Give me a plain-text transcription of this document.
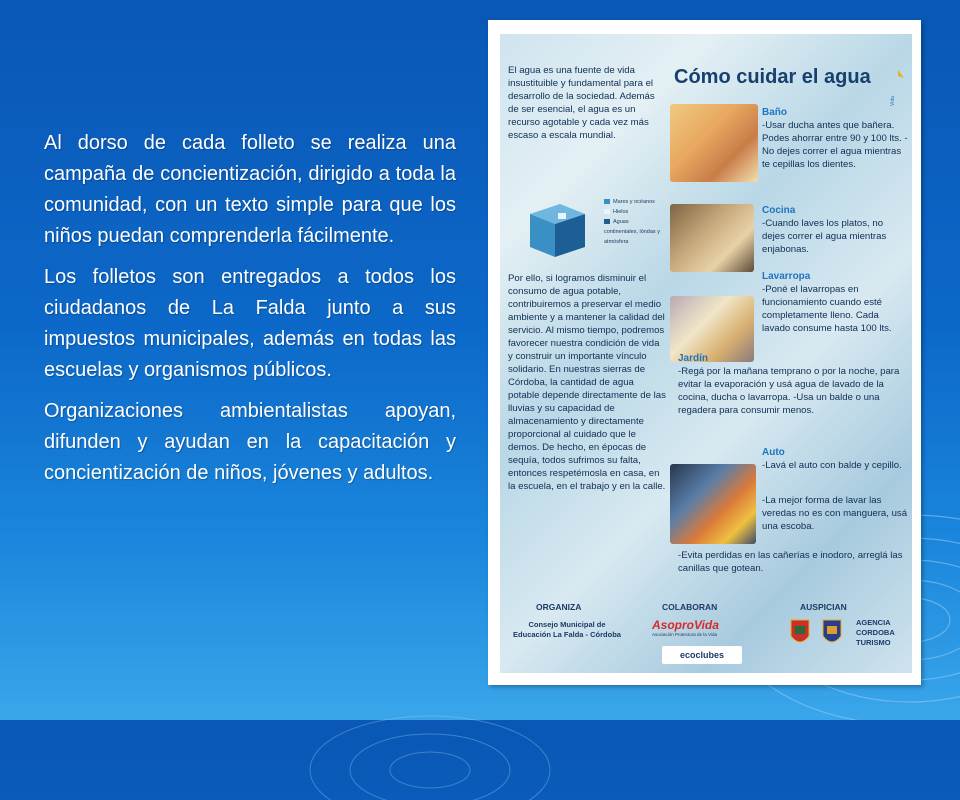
Al dorso de cada folleto se realiza una campaña de concientización, dirigido a toda la comunidad, con un texto simple para que los niños puedan comprenderla fácilmente.

Los folletos son entregados a todos los ciudadanos de La Falda junto a sus impuestos municipales, además en todas las escuelas y organismos públicos.

Organizaciones ambientalistas apoyan, difunden y ayudan en la capacitación y concientización de niños, jóvenes y adultos.

Cómo cuidar el agua
Vida
El agua es una fuente de vida insustituible y fundamental para el desarrollo de la sociedad. Además de ser esencial, el agua es un recurso agotable y cada vez más escaso a escala mundial.
Mares y océanos
Hielos
Aguas continentales, lóndas y atmósfera
Por ello, si logramos disminuir el consumo de agua potable, contribuiremos a preservar el medio ambiente y a mantener la calidad del servicio. Al mismo tiempo, podremos favorecer nuestra condición de vida y construir un importante vínculo solidario. En nuestras sierras de Córdoba, la cantidad de agua potable depende directamente de las lluvias y su capacidad de almacenamiento y directamente proporcional al cuidado que le demos. De hecho, en épocas de sequía, todos sufrimos su falta, entonces respetémosla en casa, en la escuela, en el trabajo y en la calle.
Baño
-Usar ducha antes que bañera. Podes ahorrar entre 90 y 100 lts. -No dejes correr el agua mientras te cepillas los dientes.
Cocina
-Cuando laves los platos, no dejes correr el agua mientras enjabonas.
Lavarropa
-Poné el lavarropas en funcionamiento cuando esté completamente lleno. Cada lavado consume hasta 100 lts.
Jardín
-Regá por la mañana temprano o por la noche, para evitar la evaporación y usá agua de lavado de la cocina, ducha o lavarropa. -Usa un balde o una regadera para consumir menos.
Auto
-Lavá el auto con balde y cepillo.
-La mejor forma de lavar las veredas no es con manguera, usá una escoba.
-Evita perdidas en las cañerías e inodoro, arreglá las canillas que gotean.
ORGANIZA	COLABORAN	AUSPICIAN
Consejo Municipal de Educación La Falda - Córdoba
AsoproVida
Asociación Protectora de la Vida
ecoclubes
AGENCIA CORDOBA TURISMO
